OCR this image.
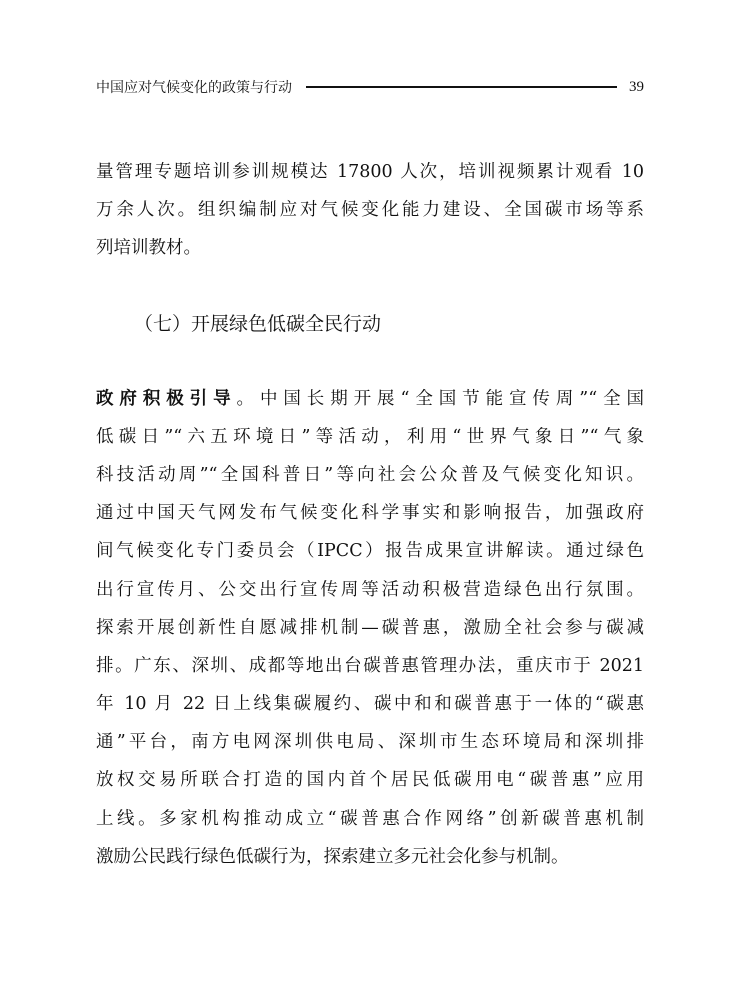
中国应对气候变化的政策与行动	39
量管理专题培训参训规模达 17800 人次，培训视频累计观看 10
万余人次。组织编制应对气候变化能力建设、全国碳市场等系
列培训教材。
（七）开展绿色低碳全民行动
政府积极引导。中国长期开展“全国节能宣传周”“全国
低碳日”“六五环境日”等活动，利用“世界气象日”“气象
科技活动周”“全国科普日”等向社会公众普及气候变化知识。
通过中国天气网发布气候变化科学事实和影响报告，加强政府
间气候变化专门委员会（IPCC）报告成果宣讲解读。通过绿色
出行宣传月、公交出行宣传周等活动积极营造绿色出行氛围。
探索开展创新性自愿减排机制—碳普惠，激励全社会参与碳减
排。广东、深圳、成都等地出台碳普惠管理办法，重庆市于 2021
年 10 月 22 日上线集碳履约、碳中和和碳普惠于一体的“碳惠
通”平台，南方电网深圳供电局、深圳市生态环境局和深圳排
放权交易所联合打造的国内首个居民低碳用电“碳普惠”应用
上线。多家机构推动成立“碳普惠合作网络”创新碳普惠机制
激励公民践行绿色低碳行为，探索建立多元社会化参与机制。
